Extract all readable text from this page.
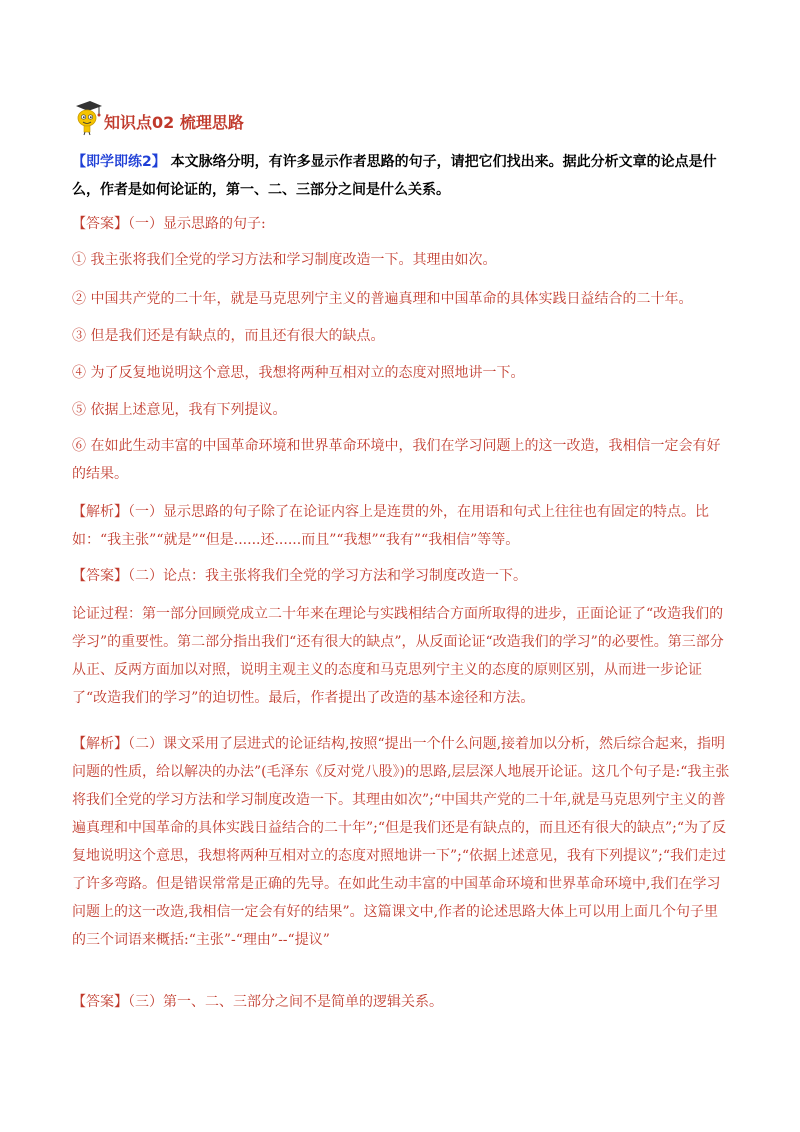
知识点02 梳理思路
【即学即练2】 本文脉络分明，有许多显示作者思路的句子，请把它们找出来。据此分析文章的论点是什么，作者是如何论证的，第一、二、三部分之间是什么关系。
【答案】（一）显示思路的句子:
① 我主张将我们全党的学习方法和学习制度改造一下。其理由如次。
② 中国共产党的二十年，就是马克思列宁主义的普遍真理和中国革命的具体实践日益结合的二十年。
③ 但是我们还是有缺点的，而且还有很大的缺点。
④ 为了反复地说明这个意思，我想将两种互相对立的态度对照地讲一下。
⑤ 依据上述意见，我有下列提议。
⑥ 在如此生动丰富的中国革命环境和世界革命环境中，我们在学习问题上的这一改造，我相信一定会有好的结果。
【解析】（一）显示思路的句子除了在论证内容上是连贯的外，在用语和句式上往往也有固定的特点。比如：“我主张”“就是”“但是......还......而且”“我想”“我有”“我相信”等等。
【答案】（二）论点：我主张将我们全党的学习方法和学习制度改造一下。
论证过程：第一部分回顾党成立二十年来在理论与实践相结合方面所取得的进步，正面论证了“改造我们的学习”的重要性。第二部分指出我们“还有很大的缺点”，从反面论证“改造我们的学习”的必要性。第三部分从正、反两方面加以对照，说明主观主义的态度和马克思列宁主义的态度的原则区别，从而进一步论证了“改造我们的学习”的迫切性。最后，作者提出了改造的基本途径和方法。
【解析】（二）课文采用了层进式的论证结构,按照“提出一个什么问题,接着加以分析，然后综合起来，指明问题的性质，给以解决的办法”(毛泽东《反对党八股》)的思路,层层深人地展开论证。这几个句子是:“我主张将我们全党的学习方法和学习制度改造一下。其理由如次”;“中国共产党的二十年,就是马克思列宁主义的普遍真理和中国革命的具体实践日益结合的二十年”;“但是我们还是有缺点的，而且还有很大的缺点”;“为了反复地说明这个意思，我想将两种互相对立的态度对照地讲一下”;“依据上述意见，我有下列提议”;“我们走过了许多弯路。但是错误常常是正确的先导。在如此生动丰富的中国革命环境和世界革命环境中,我们在学习问题上的这一改造,我相信一定会有好的结果”。这篇课文中,作者的论述思路大体上可以用上面几个句子里的三个词语来概括:“主张”-“理由”--“提议”
【答案】（三）第一、二、三部分之间不是简单的逻辑关系。
